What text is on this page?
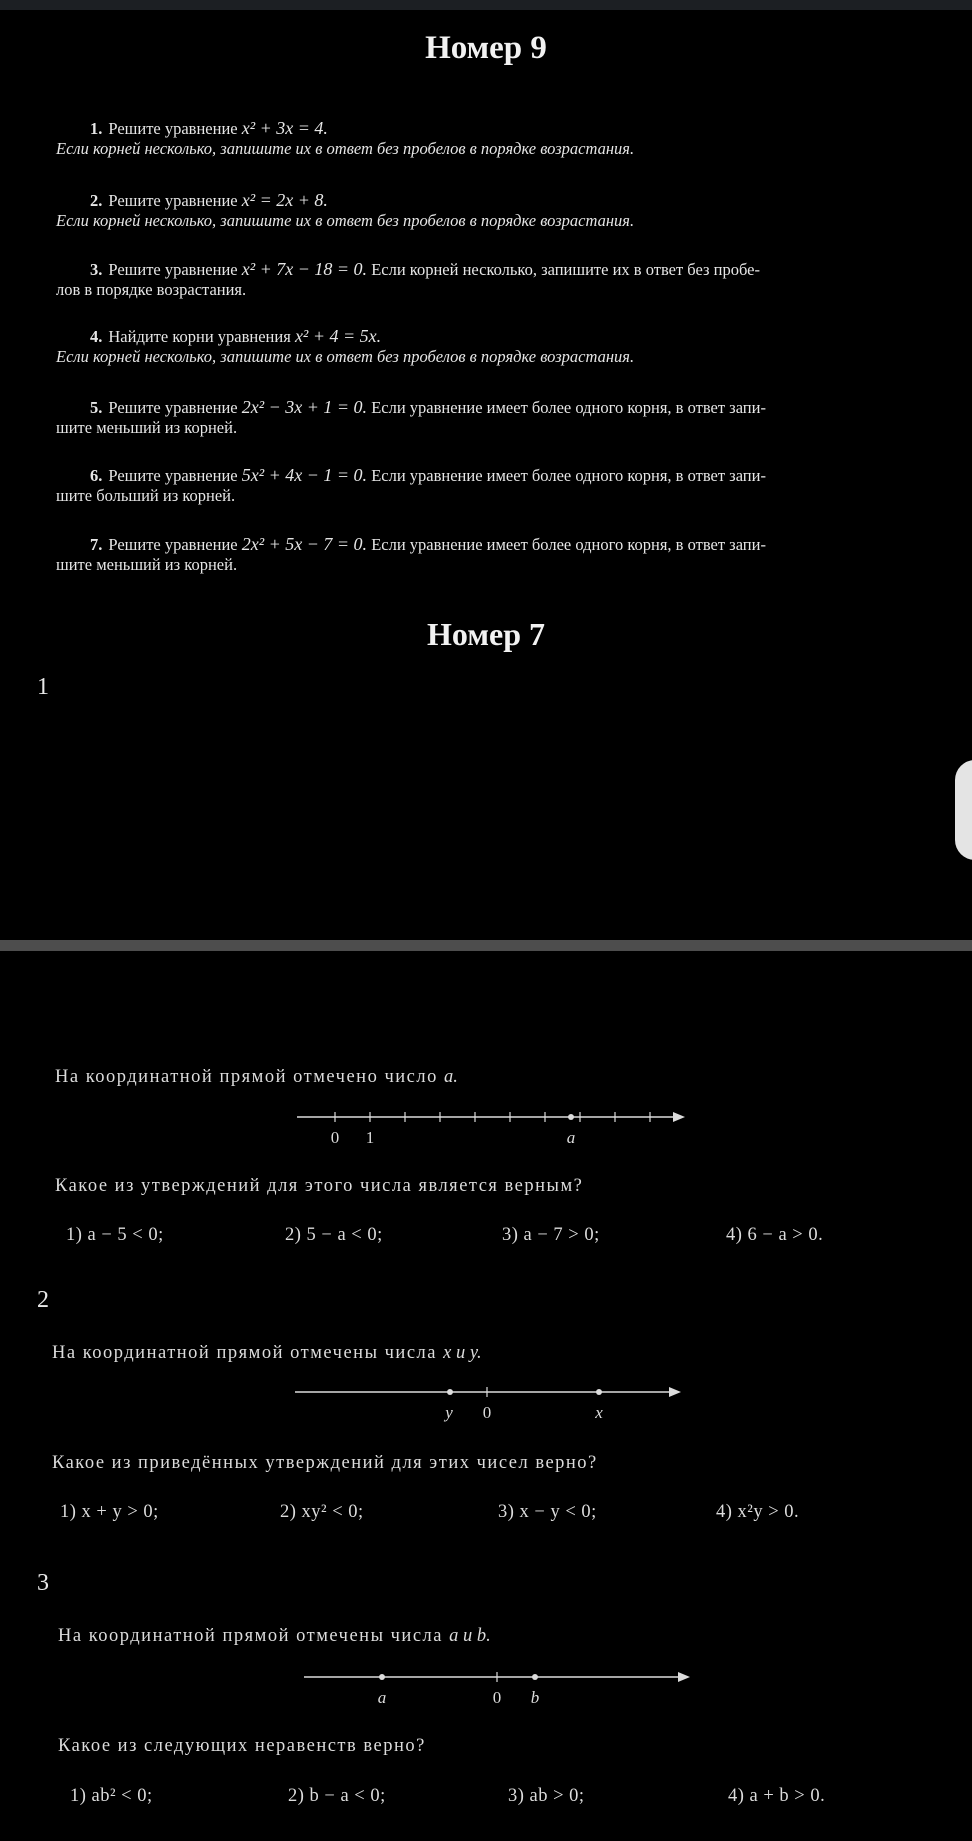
Номер 9
1. Решите уравнение x² + 3x = 4.
Если корней несколько, запишите их в ответ без пробелов в порядке возрастания.
2. Решите уравнение x² = 2x + 8.
Если корней несколько, запишите их в ответ без пробелов в порядке возрастания.
3. Решите уравнение x² + 7x − 18 = 0. Если корней несколько, запишите их в ответ без пробе-
лов в порядке возрастания.
4. Найдите корни уравнения x² + 4 = 5x.
Если корней несколько, запишите их в ответ без пробелов в порядке возрастания.
5. Решите уравнение 2x² − 3x + 1 = 0. Если уравнение имеет более одного корня, в ответ запи-
шите меньший из корней.
6. Решите уравнение 5x² + 4x − 1 = 0. Если уравнение имеет более одного корня, в ответ запи-
шите больший из корней.
7. Решите уравнение 2x² + 5x − 7 = 0. Если уравнение имеет более одного корня, в ответ запи-
шите меньший из корней.
Номер 7
1
На координатной прямой отмечено число a.
0 1	a
Какое из утверждений для этого числа является верным?
1) a − 5 < 0;	2) 5 − a < 0;	3) a − 7 > 0;	4) 6 − a > 0.
2
На координатной прямой отмечены числа x и y.
y 0	x
Какое из приведённых утверждений для этих чисел верно?
1) x + y > 0;	2) xy² < 0;	3) x − y < 0;	4) x²y > 0.
3
На координатной прямой отмечены числа a и b.
a	0 b
Какое из следующих неравенств верно?
1) ab² < 0;	2) b − a < 0;	3) ab > 0;	4) a + b > 0.
